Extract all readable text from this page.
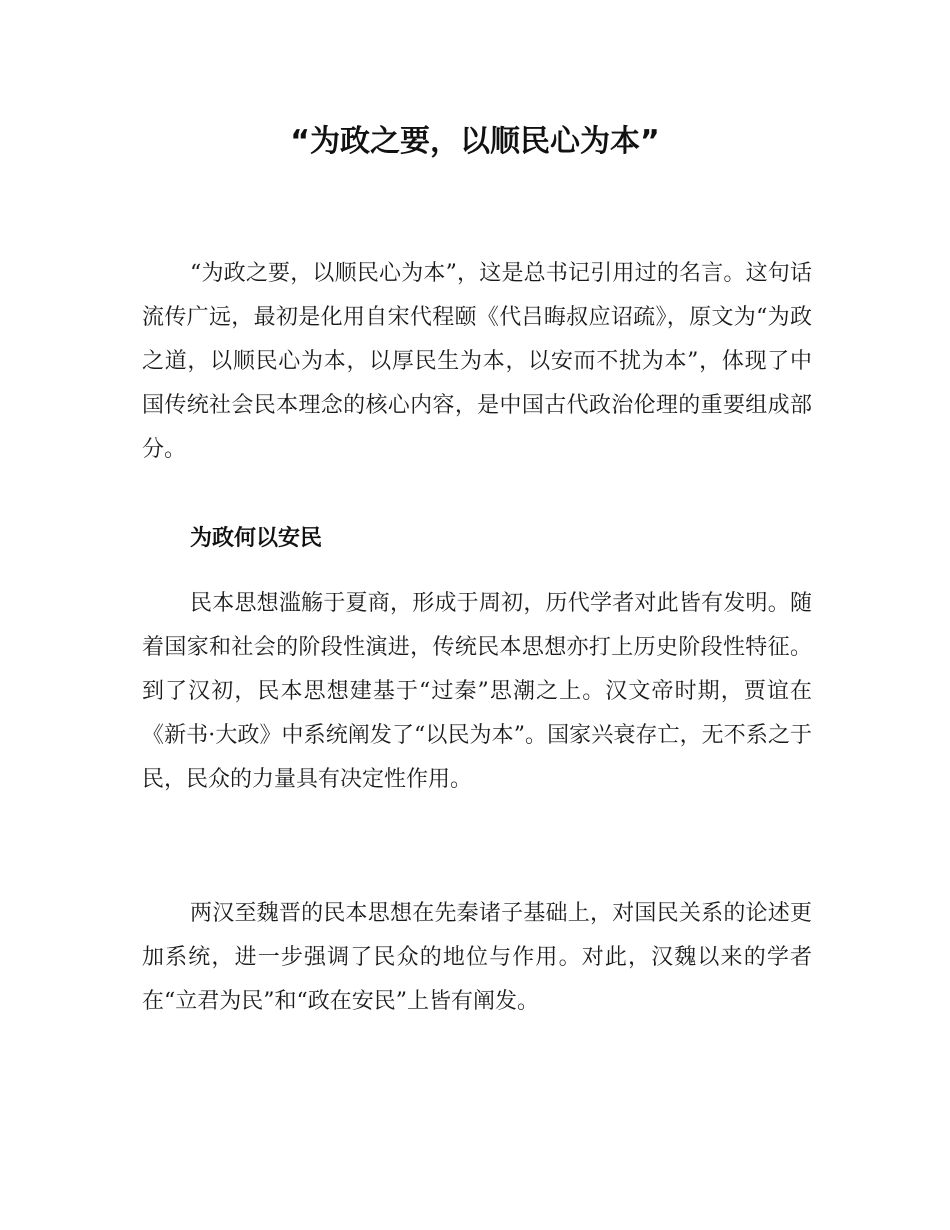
“为政之要，以顺民心为本”

“为政之要，以顺民心为本”，这是总书记引用过的名言。这句话流传广远，最初是化用自宋代程颐《代吕晦叔应诏疏》，原文为“为政之道，以顺民心为本，以厚民生为本，以安而不扰为本”，体现了中国传统社会民本理念的核心内容，是中国古代政治伦理的重要组成部分。

为政何以安民

民本思想滥觞于夏商，形成于周初，历代学者对此皆有发明。随着国家和社会的阶段性演进，传统民本思想亦打上历史阶段性特征。到了汉初，民本思想建基于“过秦”思潮之上。汉文帝时期，贾谊在《新书·大政》中系统阐发了“以民为本”。国家兴衰存亡，无不系之于民，民众的力量具有决定性作用。

两汉至魏晋的民本思想在先秦诸子基础上，对国民关系的论述更加系统，进一步强调了民众的地位与作用。对此，汉魏以来的学者在“立君为民”和“政在安民”上皆有阐发。
